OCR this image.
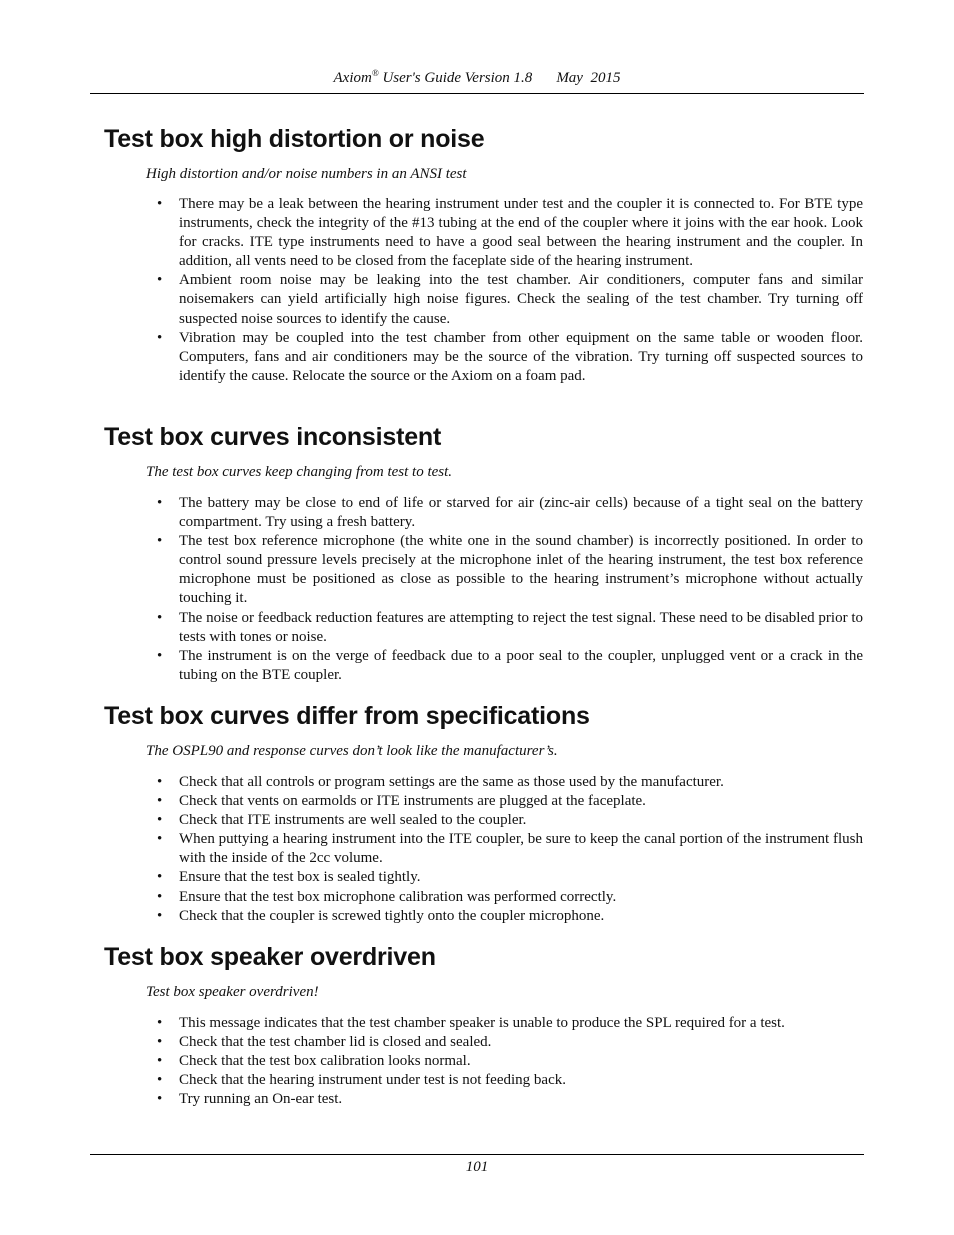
Axiom® User's Guide Version 1.8 May  2015
Test box high distortion or noise
High distortion and/or noise numbers in an ANSI test
• There may be a leak between the hearing instrument under test and the coupler it is connected to. For BTE type instruments, check the integrity of the #13 tubing at the end of the coupler where it joins with the ear hook. Look for cracks. ITE type instruments need to have a good seal between the hearing instrument and the coupler. In addition, all vents need to be closed from the faceplate side of the hearing instrument.
• Ambient room noise may be leaking into the test chamber. Air conditioners, computer fans and similar noisemakers can yield artificially high noise figures. Check the sealing of the test chamber. Try turning off suspected noise sources to identify the cause.
• Vibration may be coupled into the test chamber from other equipment on the same table or wooden floor. Computers, fans and air conditioners may be the source of the vibration. Try turning off suspected sources to identify the cause. Relocate the source or the Axiom on a foam pad.
Test box curves inconsistent
The test box curves keep changing from test to test.
• The battery may be close to end of life or starved for air (zinc-air cells) because of a tight seal on the battery compartment. Try using a fresh battery.
• The test box reference microphone (the white one in the sound chamber) is incorrectly positioned. In order to control sound pressure levels precisely at the microphone inlet of the hearing instrument, the test box reference microphone must be positioned as close as possible to the hearing instrument’s microphone without actually touching it.
• The noise or feedback reduction features are attempting to reject the test signal. These need to be disabled prior to tests with tones or noise.
• The instrument is on the verge of feedback due to a poor seal to the coupler, unplugged vent or a crack in the tubing on the BTE coupler.
Test box curves differ from specifications
The OSPL90 and response curves don’t look like the manufacturer’s.
• Check that all controls or program settings are the same as those used by the manufacturer.
• Check that vents on earmolds or ITE instruments are plugged at the faceplate.
• Check that ITE instruments are well sealed to the coupler.
• When puttying a hearing instrument into the ITE coupler, be sure to keep the canal portion of the instrument flush with the inside of the 2cc volume.
• Ensure that the test box is sealed tightly.
• Ensure that the test box microphone calibration was performed correctly.
• Check that the coupler is screwed tightly onto the coupler microphone.
Test box speaker overdriven
Test box speaker overdriven!
• This message indicates that the test chamber speaker is unable to produce the SPL required for a test.
• Check that the test chamber lid is closed and sealed.
• Check that the test box calibration looks normal.
• Check that the hearing instrument under test is not feeding back.
• Try running an On-ear test.
101
